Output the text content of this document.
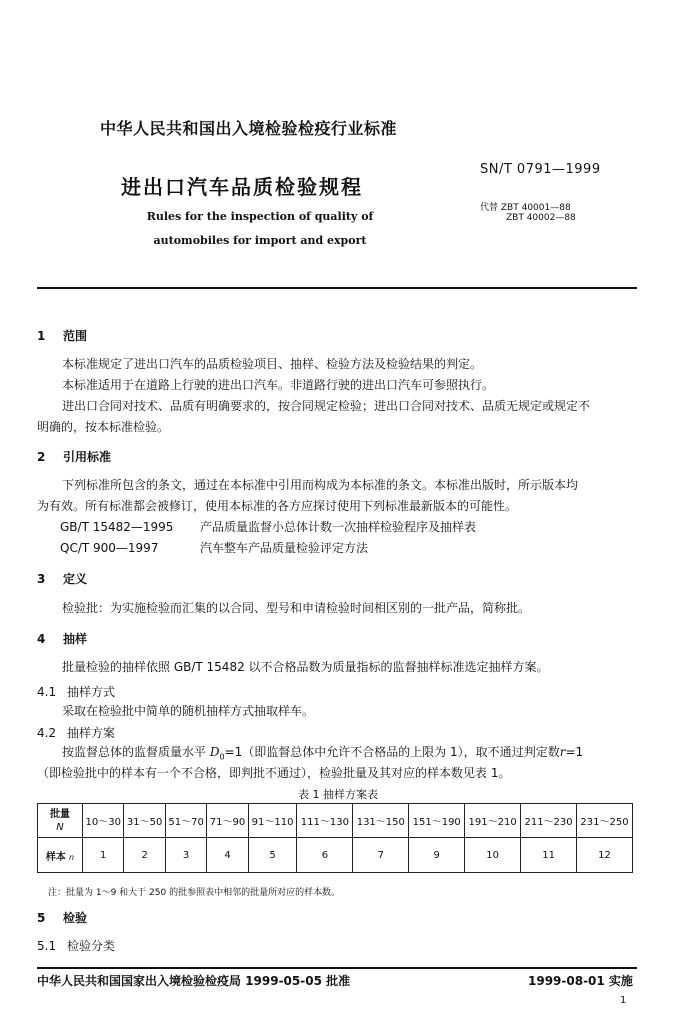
中华人民共和国出入境检验检疫行业标准
进出口汽车品质检验规程
Rules for the inspection of quality of
automobiles for import and export
SN/T 0791—1999
代替 ZBT 40001—88
ZBT 40002—88
1 范围
本标准规定了进出口汽车的品质检验项目、抽样、检验方法及检验结果的判定。
本标准适用于在道路上行驶的进出口汽车。非道路行驶的进出口汽车可参照执行。
进出口合同对技术、品质有明确要求的，按合同规定检验；进出口合同对技术、品质无规定或规定不
明确的，按本标准检验。
2 引用标准
下列标准所包含的条文，通过在本标准中引用而构成为本标准的条文。本标准出版时，所示版本均
为有效。所有标准都会被修订，使用本标准的各方应探讨使用下列标准最新版本的可能性。
GB/T 15482—1995 产品质量监督小总体计数一次抽样检验程序及抽样表
QC/T 900—1997	汽车整车产品质量检验评定方法
3 定义
检验批：为实施检验而汇集的以合同、型号和申请检验时间相区别的一批产品，简称批。
4 抽样
批量检验的抽样依照 GB/T 15482 以不合格品数为质量指标的监督抽样标准选定抽样方案。
4.1 抽样方式
采取在检验批中简单的随机抽样方式抽取样车。
4.2 抽样方案
按监督总体的监督质量水平 $D_0=1$（即监督总体中允许不合格品的上限为 1），取不通过判定数r=1
（即检验批中的样本有一个不合格，即判批不通过），检验批量及其对应的样本数见表 1。
表 1 抽样方案表
批量
N	10～30	31～50	51～70	71～90	91～110	111～130	131～150	151～190	191～210	211～230	231～250
样本 n	1	2	3	4	5	6	7	9	10	11	12
注：批量为 1～9 和大于 250 的批参照表中相邻的批量所对应的样本数。
5 检验
5.1 检验分类
中华人民共和国国家出入境检验检疫局 1999-05-05 批准	1999-08-01 实施
1
